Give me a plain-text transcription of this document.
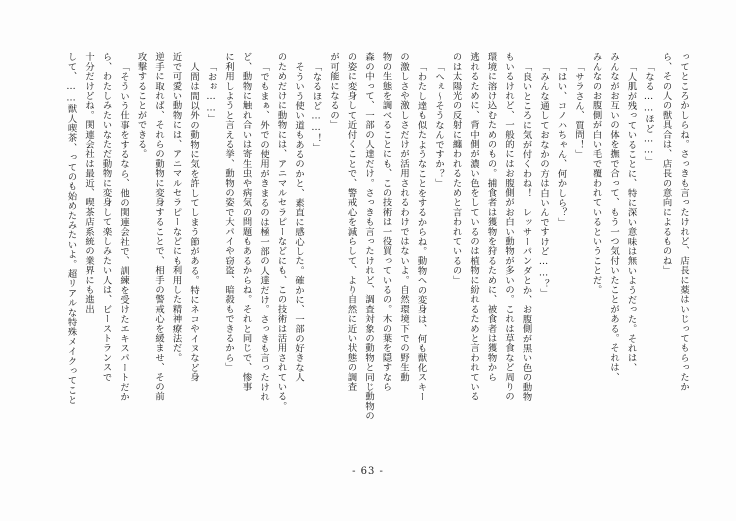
ってところかしらね。さっきも言ったけれど、店長に薬はいじってもらったか
ら、その人の獣具合は、店長の意向によるものね」
「なる……ほど……」
「人肌が残っていることに、特に深い意味は無いようだった。それは、
みんながお互いの体を撫で合って、もう一つ気付いたことがある。それは、
みんなのお腹側が白い毛で覆われているということだ。
「サラさん、質問！」
「はい、コノハちゃん、何かしら？」
「みんな通しておなかの方は白いんですけど……？」
「良いところに気が付くわね！　レッサーパンダとか、お腹側が黒い色の動物
もいるけれど、一般的にはお腹側がお白い動物が多いの。これは草食など周りの
環境に溶け込むためのもの。捕食者は獲物を狩るために、被食者は獲物から
逃れるために、背中側が濃い色をしているのは植物に紛れるためと言われている
のは太陽光の反射に纏われるためと言われているの」
「へぇ〜そうなんですか？」
「わたし達も似たようなことをするからね。動物への変身は、何も獣化スキー
の激しさや激しさだけが活用されるわけではないよ。自然環境下での野生動
物の生態を調べることにも、この技術は一役買っているの。木の葉を隠すなら
森の中って、一部の人達だけ。さっきも言ったけれど、調査対象の動物と同じ動物の
の姿に変身して近付くことで、警戒心を減らして、より自然に近い状態の調査
が可能になるの」
「なるほど……！」
そういう使い道もあるのかと、素直に感心した。確かに、一部の好きな人
のためだけに動物には、アニマルセラピーなどにも、この技術は活用されている。
「でもまぁ、外での使用がきまるのは極一部の人達だけ。さっきも言ったけれ
ど、動物に触れ合いは寄生虫や病気の問題もあるからね。それと同じで、惨事
に利用しようと言える挙、動物の姿で大パイや窃盗、暗殺もできるから」
「おぉ……」
人間は間以外の動物に気を許してしまう節がある。特にネコやイヌなど身
近で可愛い動物には、アニマルセラピーなどにも利用した精神療法だ。
逆手に取れば、それらの動物に変身することで、相手の警戒心を緩ませ、その前
攻撃することができる。
「そういう仕事をするなら、他の関連会社で、訓練を受けたエキスパートだか
ら、わたしみたいなただ動物に変身して楽しみたい人は、ビーストランスで
十分だけどね。関連会社は最近、喫茶店系統の業界にも進出
して、……獣人喫茶、ってのも始めたみたいよ。超リアルな特殊メイクってこと
- 63 -
